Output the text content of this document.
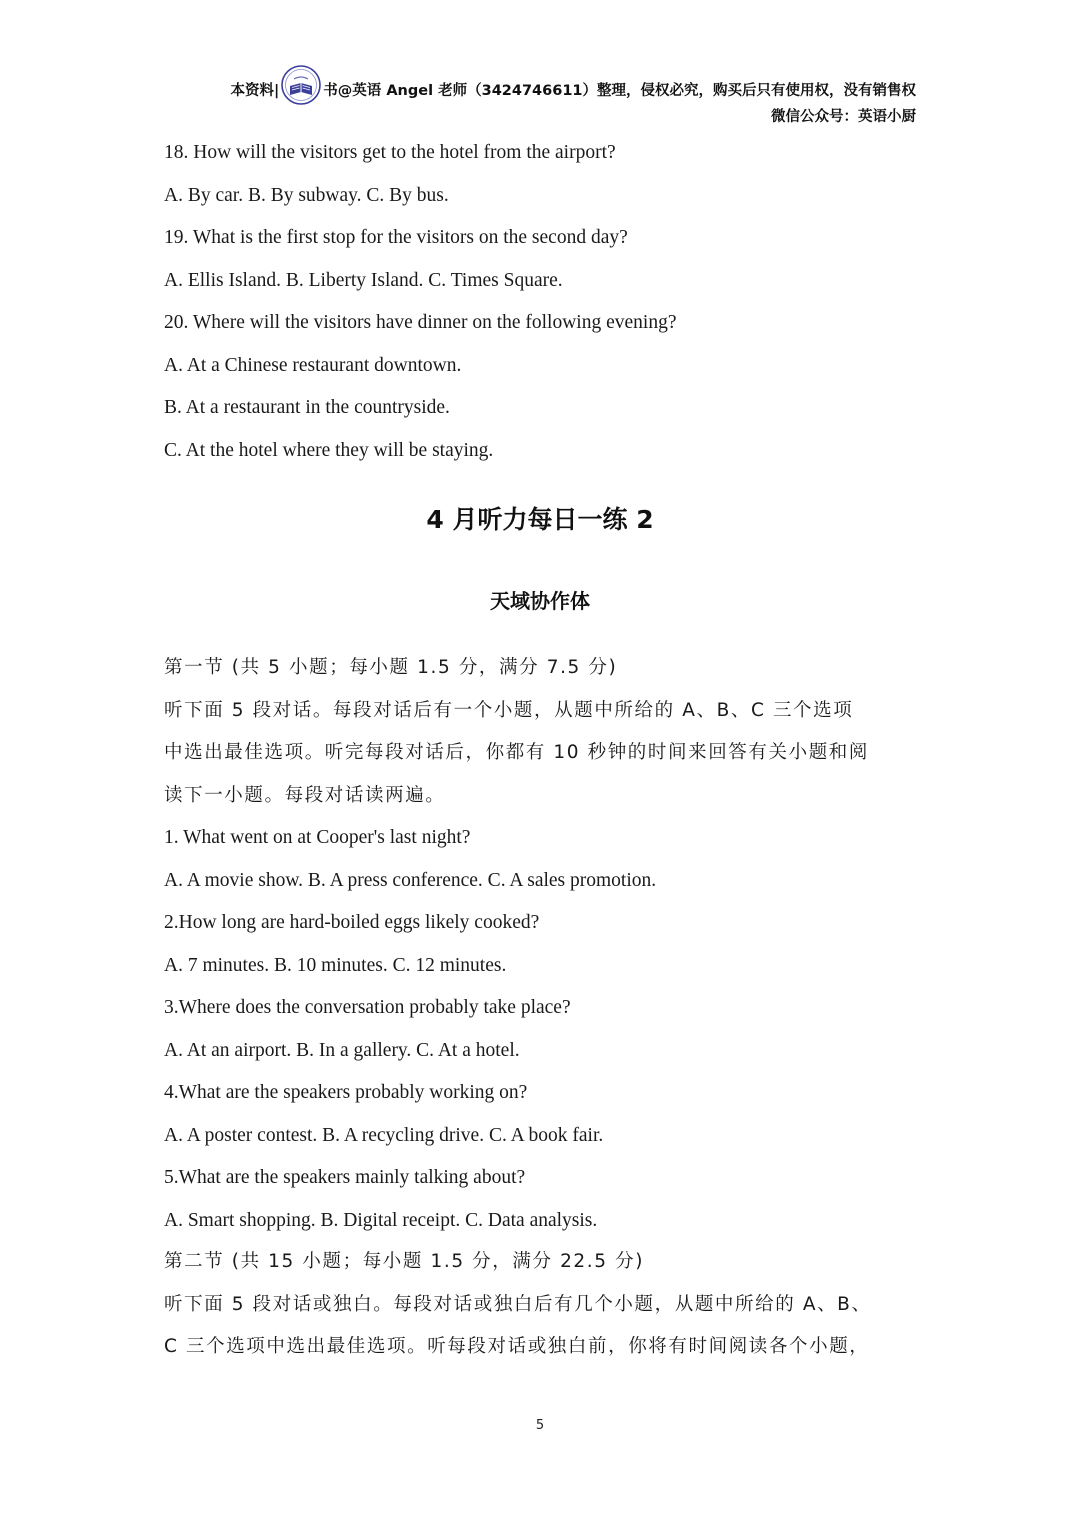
本资料|	书@英语 Angel 老师（3424746611）整理，侵权必究，购买后只有使用权，没有销售权
微信公众号：英语小厨
18. How will the visitors get to the hotel from the airport?
A. By car. B. By subway. C. By bus.
19. What is the first stop for the visitors on the second day?
A. Ellis Island. B. Liberty Island. C. Times Square.
20. Where will the visitors have dinner on the following evening?
A. At a Chinese restaurant downtown.
B. At a restaurant in the countryside.
C. At the hotel where they will be staying.
4 月听力每日一练 2
天域协作体
第一节 (共 5 小题；每小题 1.5 分，满分 7.5 分)
听下面 5 段对话。每段对话后有一个小题，从题中所给的 A、B、C 三个选项
中选出最佳选项。听完每段对话后，你都有 10 秒钟的时间来回答有关小题和阅
读下一小题。每段对话读两遍。
1. What went on at Cooper's last night?
A. A movie show. B. A press conference. C. A sales promotion.
2.How long are hard-boiled eggs likely cooked?
A. 7 minutes. B. 10 minutes. C. 12 minutes.
3.Where does the conversation probably take place?
A. At an airport. B. In a gallery. C. At a hotel.
4.What are the speakers probably working on?
A. A poster contest. B. A recycling drive. C. A book fair.
5.What are the speakers mainly talking about?
A. Smart shopping. B. Digital receipt. C. Data analysis.
第二节 (共 15 小题；每小题 1.5 分，满分 22.5 分)
听下面 5 段对话或独白。每段对话或独白后有几个小题，从题中所给的 A、B、
C 三个选项中选出最佳选项。听每段对话或独白前，你将有时间阅读各个小题，
5
